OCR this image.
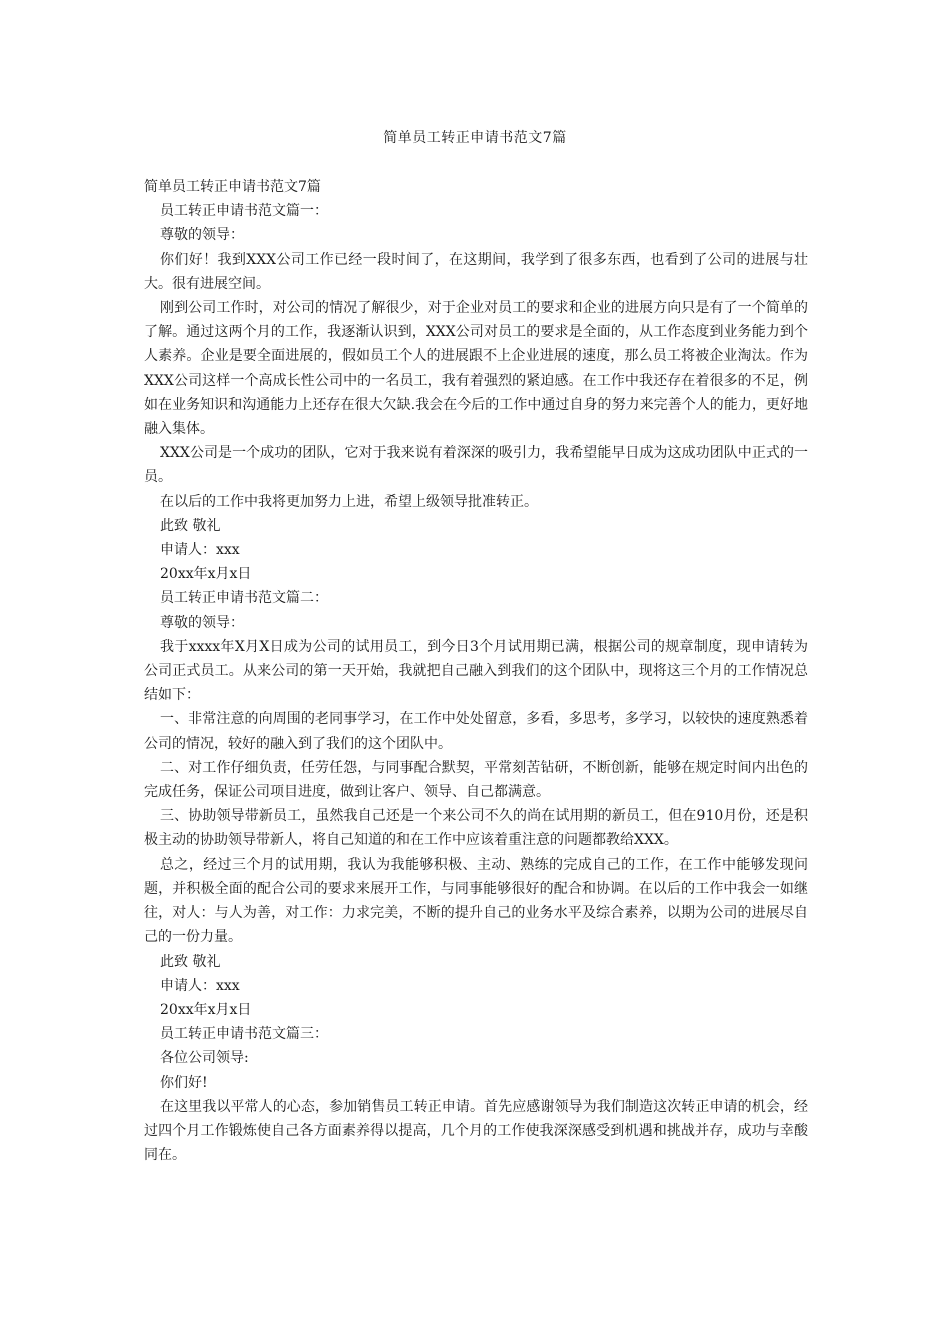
简单员工转正申请书范文7篇

简单员工转正申请书范文7篇

员工转正申请书范文篇一：

尊敬的领导：

你们好！我到XXX公司工作已经一段时间了，在这期间，我学到了很多东西，也看到了公司的进展与壮大。很有进展空间。

刚到公司工作时，对公司的情况了解很少，对于企业对员工的要求和企业的进展方向只是有了一个简单的了解。通过这两个月的工作，我逐渐认识到，XXX公司对员工的要求是全面的，从工作态度到业务能力到个人素养。企业是要全面进展的，假如员工个人的进展跟不上企业进展的速度，那么员工将被企业淘汰。作为XXX公司这样一个高成长性公司中的一名员工，我有着强烈的紧迫感。在工作中我还存在着很多的不足，例如在业务知识和沟通能力上还存在很大欠缺.我会在今后的工作中通过自身的努力来完善个人的能力，更好地融入集体。

XXX公司是一个成功的团队，它对于我来说有着深深的吸引力，我希望能早日成为这成功团队中正式的一员。

在以后的工作中我将更加努力上进，希望上级领导批准转正。

此致 敬礼

申请人：xxx

20xx年x月x日

员工转正申请书范文篇二：

尊敬的领导：

我于xxxx年X月X日成为公司的试用员工，到今日3个月试用期已满，根据公司的规章制度，现申请转为公司正式员工。从来公司的第一天开始，我就把自己融入到我们的这个团队中，现将这三个月的工作情况总结如下：

一、非常注意的向周围的老同事学习，在工作中处处留意，多看，多思考，多学习，以较快的速度熟悉着公司的情况，较好的融入到了我们的这个团队中。

二、对工作仔细负责，任劳任怨，与同事配合默契，平常刻苦钻研，不断创新，能够在规定时间内出色的完成任务，保证公司项目进度，做到让客户、领导、自己都满意。

三、协助领导带新员工，虽然我自己还是一个来公司不久的尚在试用期的新员工，但在910月份，还是积极主动的协助领导带新人，将自己知道的和在工作中应该着重注意的问题都教给XXX。

总之，经过三个月的试用期，我认为我能够积极、主动、熟练的完成自己的工作，在工作中能够发现问题，并积极全面的配合公司的要求来展开工作，与同事能够很好的配合和协调。在以后的工作中我会一如继往，对人：与人为善，对工作：力求完美，不断的提升自己的业务水平及综合素养，以期为公司的进展尽自己的一份力量。

此致 敬礼

申请人：xxx

20xx年x月x日

员工转正申请书范文篇三：

各位公司领导:

你们好!

在这里我以平常人的心态，参加销售员工转正申请。首先应感谢领导为我们制造这次转正申请的机会，经过四个月工作锻炼使自己各方面素养得以提高，几个月的工作使我深深感受到机遇和挑战并存，成功与幸酸同在。
